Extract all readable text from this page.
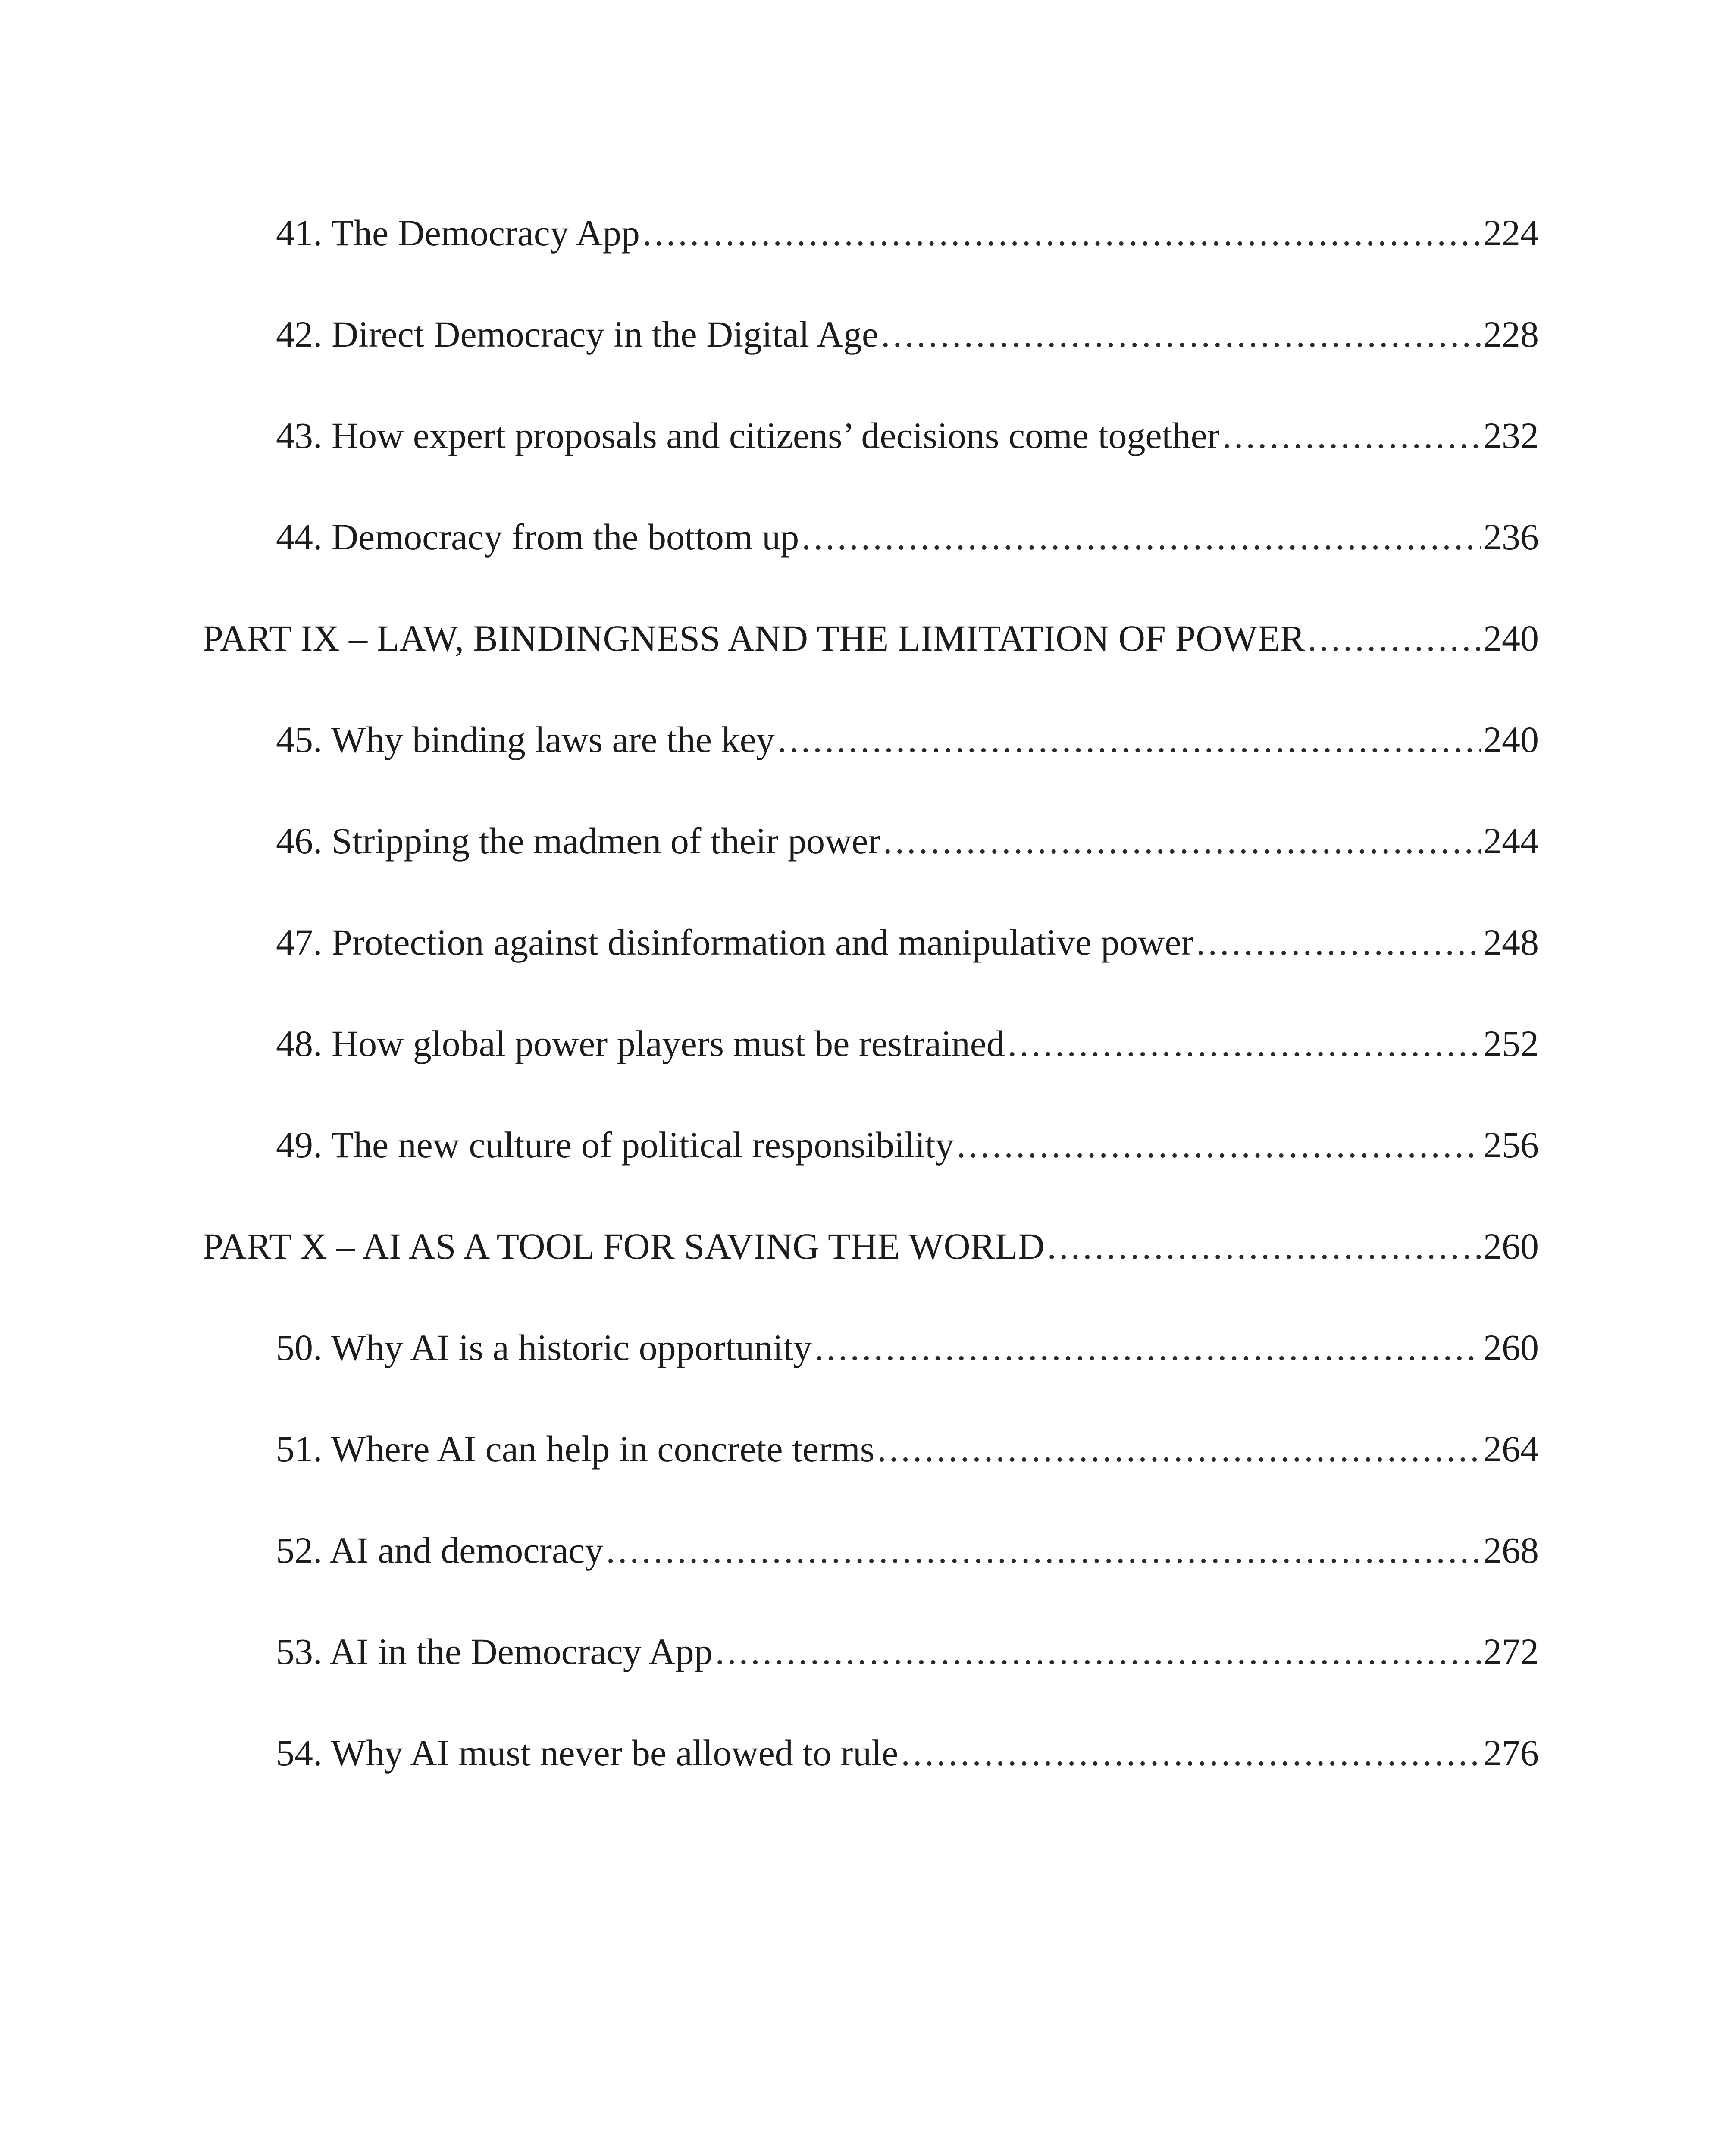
41. The Democracy App .....	224
42. Direct Democracy in the Digital Age .....	228
43. How expert proposals and citizens’ decisions come together .....	232
44. Democracy from the bottom up .....	236
PART IX – LAW, BINDINGNESS AND THE LIMITATION OF POWER .....	240
45. Why binding laws are the key .....	240
46. Stripping the madmen of their power .....	244
47. Protection against disinformation and manipulative power .....	248
48. How global power players must be restrained .....	252
49. The new culture of political responsibility .....	256
PART X – AI AS A TOOL FOR SAVING THE WORLD .....	260
50. Why AI is a historic opportunity .....	260
51. Where AI can help in concrete terms .....	264
52. AI and democracy .....	268
53. AI in the Democracy App .....	272
54. Why AI must never be allowed to rule .....	276
